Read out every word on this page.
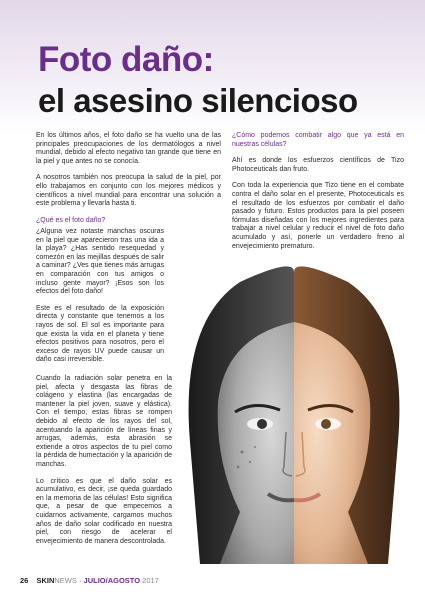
Foto daño:
el asesino silencioso

En los últimos años, el foto daño se ha vuelto una de las principales preocupaciones de los dermatólogos a nivel mundial, debido al efecto negativo tan grande que tiene en la piel y que antes no se conocía.

A nosotros también nos preocupa la salud de la piel, por ello trabajamos en conjunto con los mejores médicos y científicos a nivel mundial para encontrar una solución a este problema y llevarla hasta ti.

¿Qué es el foto daño?

¿Alguna vez notaste manchas oscuras en la piel que aparecieron tras una ida a la playa? ¿Has sentido resequedad y comezón en las mejillas después de salir a caminar? ¿Ves que tienes más arrugas en comparación con tus amigos o incluso gente mayor? ¡Esos son los efectos del foto daño!

Este es el resultado de la exposición directa y constante que tenemos a los rayos de sol. El sol es importante para que exista la vida en el planeta y tiene efectos positivos para nosotros, pero el exceso de rayos UV puede causar un daño casi irreversible.

Cuando la radiación solar penetra en la piel, afecta y desgasta las fibras de colágeno y elastina (las encargadas de mantener la piel joven, suave y elástica). Con el tiempo, estas fibras se rompen debido al efecto de los rayos del sol, acentuando la aparición de líneas finas y arrugas, además, esta abrasión se extiende a otros aspectos de tu piel como la pérdida de humectación y la aparición de manchas.

Lo crítico es que el daño solar es acumulativo, es decir, ¡se queda guardado en la memoria de las células! Esto significa que, a pesar de que empecemos a cuidarnos activamente, cargamos muchos años de daño solar codificado en nuestra piel, con riesgo de acelerar el envejecimiento de manera descontrolada.

¿Cómo podemos combatir algo que ya está en nuestras células?

Ahí es donde los esfuerzos científicos de Tizo Photoceuticals dan fruto.

Con toda la experiencia que Tizo tiene en el combate contra el daño solar en el presente, Photoceuticals es el resultado de los esfuerzos por combatir el daño pasado y futuro. Estos productos para la piel poseen fórmulas diseñadas con los mejores ingredientes para trabajar a nivel celular y reducir el nivel de foto daño acumulado y así, ponerle un verdadero freno al envejecimiento prematuro.

26 SKINNEWS · JULIO/AGOSTO 2017
